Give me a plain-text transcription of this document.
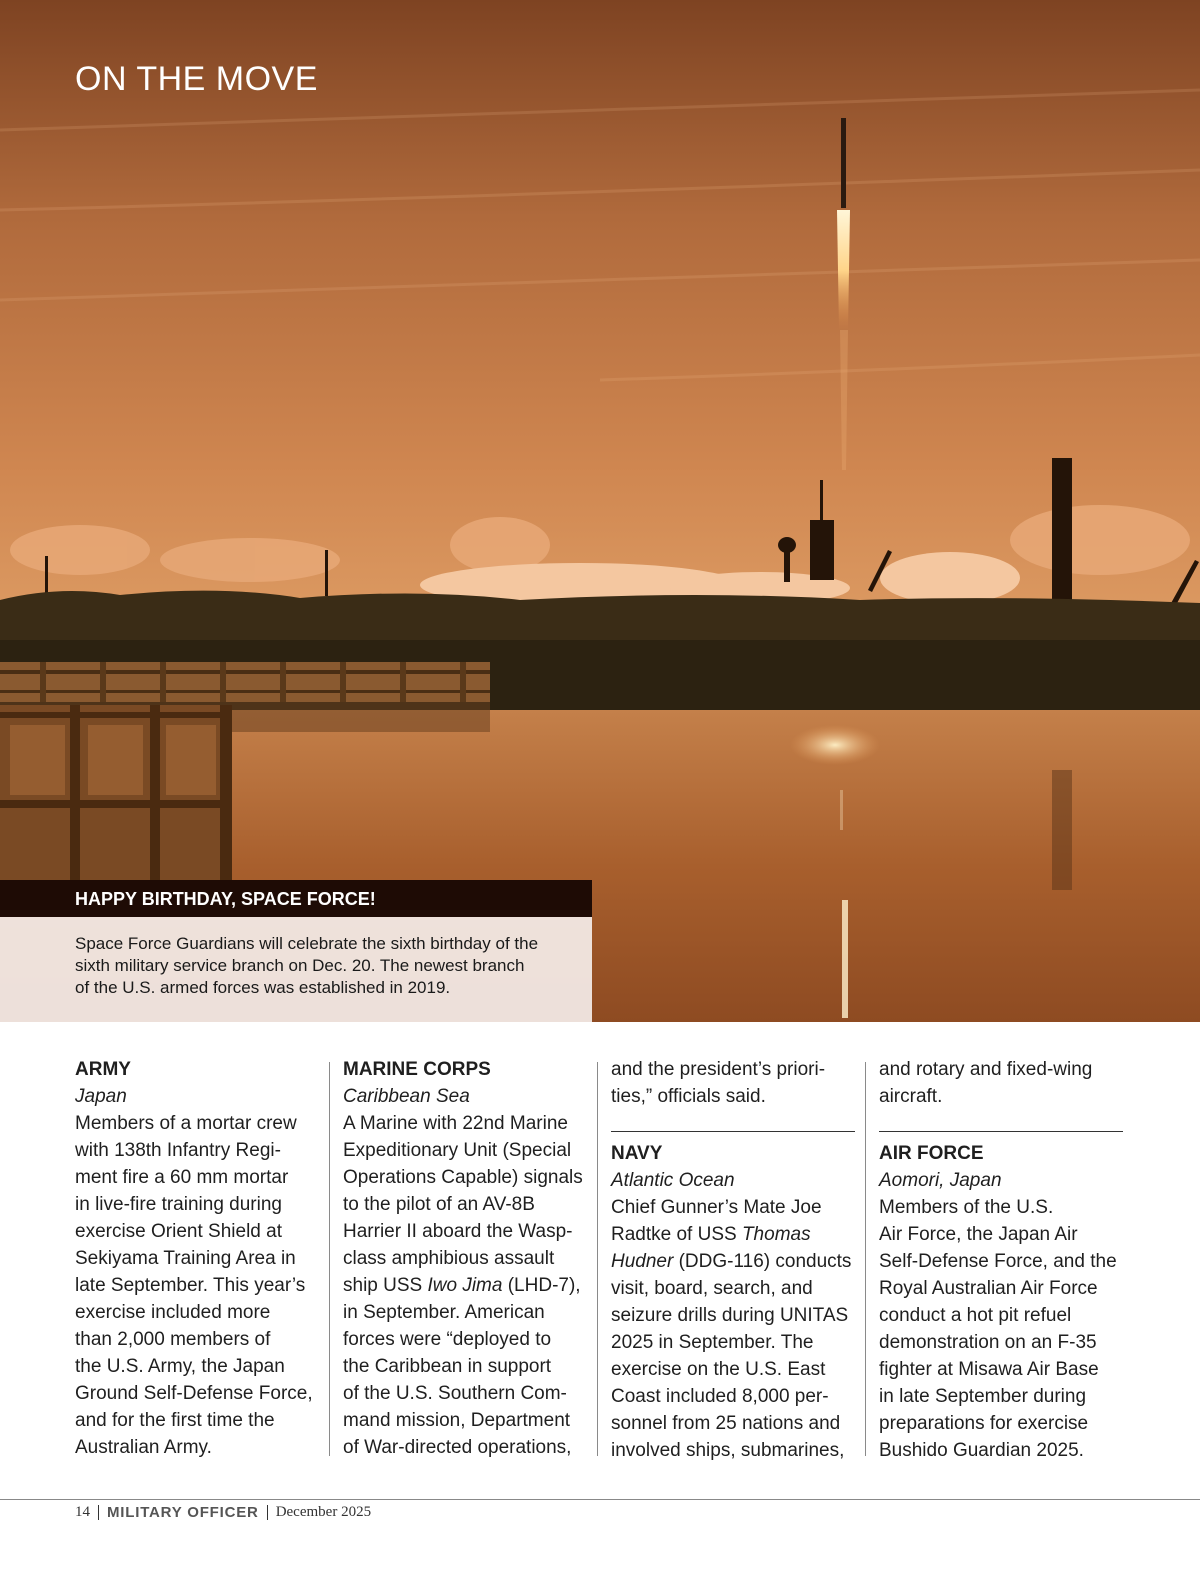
ON THE MOVE
HAPPY BIRTHDAY, SPACE FORCE!
Space Force Guardians will celebrate the sixth birthday of the
sixth military service branch on Dec. 20. The newest branch
of the U.S. armed forces was established in 2019.
ARMY
Japan
Members of a mortar crew
with 138th Infantry Regi-
ment fire a 60 mm mortar
in live-fire training during
exercise Orient Shield at
Sekiyama Training Area in
late September. This year’s
exercise included more
than 2,000 members of
the U.S. Army, the Japan
Ground Self-Defense Force,
and for the first time the
Australian Army.
MARINE CORPS
Caribbean Sea
A Marine with 22nd Marine
Expeditionary Unit (Special
Operations Capable) signals
to the pilot of an AV-8B
Harrier II aboard the Wasp-
class amphibious assault
ship USS Iwo Jima (LHD-7),
in September. American
forces were “deployed to
the Caribbean in support
of the U.S. Southern Com-
mand mission, Department
of War-directed operations,
and the president’s priori-
ties,” officials said.
NAVY
Atlantic Ocean
Chief Gunner’s Mate Joe
Radtke of USS Thomas
Hudner (DDG-116) conducts
visit, board, search, and
seizure drills during UNITAS
2025 in September. The
exercise on the U.S. East
Coast included 8,000 per-
sonnel from 25 nations and
involved ships, submarines,
and rotary and fixed-wing
aircraft.
AIR FORCE
Aomori, Japan
Members of the U.S.
Air Force, the Japan Air
Self-Defense Force, and the
Royal Australian Air Force
conduct a hot pit refuel
demonstration on an F-35
fighter at Misawa Air Base
in late September during
preparations for exercise
Bushido Guardian 2025.
14 MILITARY OFFICER December 2025
